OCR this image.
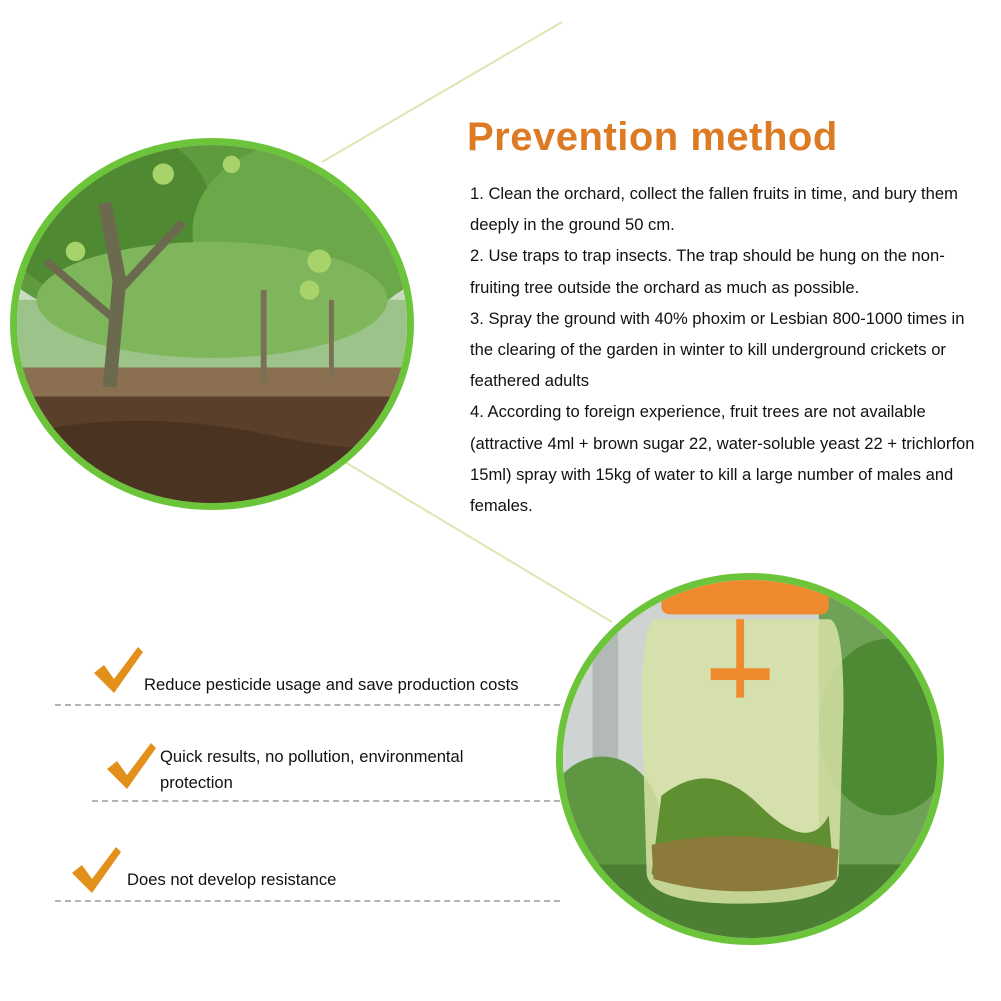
Prevention method
1. Clean the orchard, collect the fallen fruits in time, and bury them deeply in the ground 50 cm.
2. Use traps to trap insects. The trap should be hung on the non-fruiting tree outside the orchard as much as possible.
3. Spray the ground with 40% phoxim or Lesbian 800-1000 times in the clearing of the garden in winter to kill underground crickets or feathered adults
4. According to foreign experience, fruit trees are not available (attractive 4ml + brown sugar 22, water-soluble yeast 22 + trichlorfon 15ml) spray with 15kg of water to kill a large number of males and females.
Reduce pesticide usage and save production costs
Quick results, no pollution, environmental protection
Does not develop resistance
